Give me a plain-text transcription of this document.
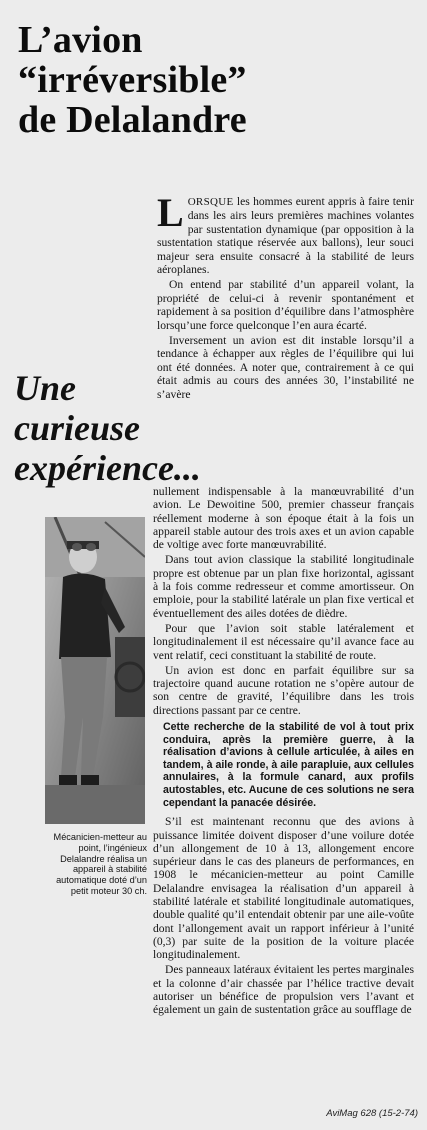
L’avion
“irréversible”
de Delalandre

LORSQUE les hommes eurent appris à faire tenir dans les airs leurs premières machines volantes par sustentation dynamique (par opposition à la sustentation statique réservée aux ballons), leur souci majeur sera ensuite consacré à la stabilité de leurs aéroplanes.

On entend par stabilité d’un appareil volant, la propriété de celui-ci à revenir spontanément et rapidement à sa position d’équilibre dans l’atmosphère lorsqu’une force quelconque l’en aura écarté.

Inversement un avion est dit instable lorsqu’il a tendance à échapper aux règles de l’équilibre qui lui ont été données. A noter que, contrairement à ce qui était admis au cours des années 30, l’instabilité ne s’avère

Une
curieuse
expérience...
Mécanicien-metteur au point, l’ingénieux Delalandre réalisa un appareil à stabilité automatique doté d’un petit moteur 30 ch.

nullement indispensable à la manœuvrabilité d’un avion. Le Dewoitine 500, premier chasseur français réellement moderne à son époque était à la fois un appareil stable autour des trois axes et un avion capable de voltige avec forte manœuvrabilité.

Dans tout avion classique la stabilité longitudinale propre est obtenue par un plan fixe horizontal, agissant à la fois comme redresseur et comme amortisseur. On emploie, pour la stabilité latérale un plan fixe vertical et éventuellement des ailes dotées de dièdre.

Pour que l’avion soit stable latéralement et longitudinalement il est nécessaire qu’il avance face au vent relatif, ceci constituant la stabilité de route.

Un avion est donc en parfait équilibre sur sa trajectoire quand aucune rotation ne s’opère autour de son centre de gravité, l’équilibre dans les trois directions passant par ce centre.

Cette recherche de la stabilité de vol à tout prix conduira, après la première guerre, à la réalisation d’avions à cellule articulée, à ailes en tandem, à aile ronde, à aile parapluie, aux cellules annulaires, à la formule canard, aux profils autostables, etc. Aucune de ces solutions ne sera cependant la panacée désirée.

S’il est maintenant reconnu que des avions à puissance limitée doivent disposer d’une voilure dotée d’un allongement de 10 à 13, allongement encore supérieur dans le cas des planeurs de performances, en 1908 le mécanicien-metteur au point Camille Delalandre envisagea la réalisation d’un appareil à stabilité latérale et stabilité longitudinale automatiques, double qualité qu’il entendait obtenir par une aile-voûte dont l’allongement avait un rapport inférieur à l’unité (0,3) par suite de la position de la voiture placée longitudinalement.

Des panneaux latéraux évitaient les pertes marginales et la colonne d’air chassée par l’hélice tractive devait autoriser un bénéfice de propulsion vers l’avant et également un gain de sustentation grâce au soufflage de

AviMag 628 (15-2-74)
